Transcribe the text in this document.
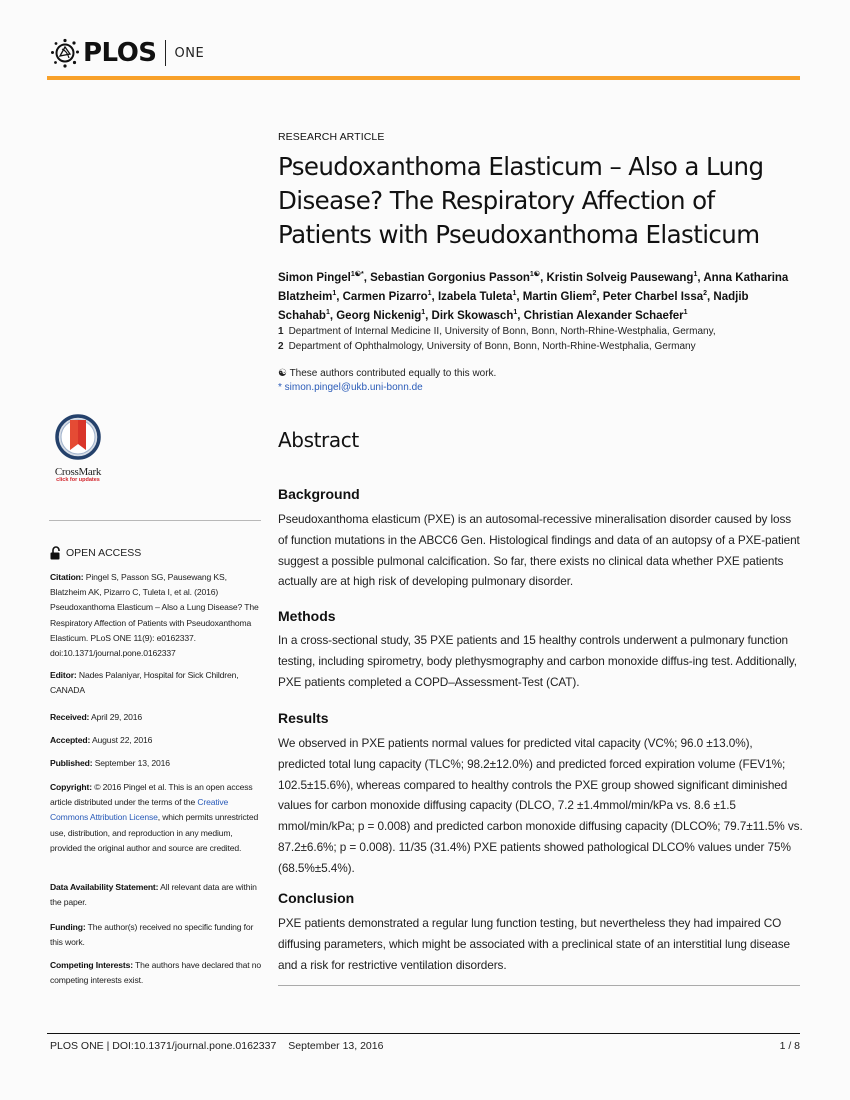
PLOS ONE
RESEARCH ARTICLE
Pseudoxanthoma Elasticum – Also a Lung Disease? The Respiratory Affection of Patients with Pseudoxanthoma Elasticum
Simon Pingel$^{1☯*}$, Sebastian Gorgonius Passon$^{1☯}$, Kristin Solveig Pausewang$^1$, Anna Katharina Blatzheim$^1$, Carmen Pizarro$^1$, Izabela Tuleta$^1$, Martin Gliem$^2$, Peter Charbel Issa$^2$, Nadjib Schahab$^1$, Georg Nickenig$^1$, Dirk Skowasch$^1$, Christian Alexander Schaefer$^1$
1 Department of Internal Medicine II, University of Bonn, Bonn, North-Rhine-Westphalia, Germany,
2 Department of Ophthalmology, University of Bonn, Bonn, North-Rhine-Westphalia, Germany
☯ These authors contributed equally to this work.
* simon.pingel@ukb.uni-bonn.de
CrossMark
click for updates
OPEN ACCESS
Citation: Pingel S, Passon SG, Pausewang KS, Blatzheim AK, Pizarro C, Tuleta I, et al. (2016) Pseudoxanthoma Elasticum – Also a Lung Disease? The Respiratory Affection of Patients with Pseudoxanthoma Elasticum. PLoS ONE 11(9): e0162337. doi:10.1371/journal.pone.0162337
Editor: Nades Palaniyar, Hospital for Sick Children, CANADA
Received: April 29, 2016
Accepted: August 22, 2016
Published: September 13, 2016
Copyright: © 2016 Pingel et al. This is an open access article distributed under the terms of the Creative Commons Attribution License, which permits unrestricted use, distribution, and reproduction in any medium, provided the original author and source are credited.
Data Availability Statement: All relevant data are within the paper.
Funding: The author(s) received no specific funding for this work.
Competing Interests: The authors have declared that no competing interests exist.
Abstract
Background
Pseudoxanthoma elasticum (PXE) is an autosomal-recessive mineralisation disorder caused by loss of function mutations in the ABCC6 Gen. Histological findings and data of an autopsy of a PXE-patient suggest a possible pulmonal calcification. So far, there exists no clinical data whether PXE patients actually are at high risk of developing pulmonary disorder.
Methods
In a cross-sectional study, 35 PXE patients and 15 healthy controls underwent a pulmonary function testing, including spirometry, body plethysmography and carbon monoxide diffus-ing test. Additionally, PXE patients completed a COPD–Assessment-Test (CAT).
Results
We observed in PXE patients normal values for predicted vital capacity (VC%; 96.0 ±13.0%), predicted total lung capacity (TLC%; 98.2±12.0%) and predicted forced expiration volume (FEV1%; 102.5±15.6%), whereas compared to healthy controls the PXE group showed significant diminished values for carbon monoxide diffusing capacity (DLCO, 7.2 ±1.4mmol/min/kPa vs. 8.6 ±1.5 mmol/min/kPa; p = 0.008) and predicted carbon monoxide diffusing capacity (DLCO%; 79.7±11.5% vs. 87.2±6.6%; p = 0.008). 11/35 (31.4%) PXE patients showed pathological DLCO% values under 75% (68.5%±5.4%).
Conclusion
PXE patients demonstrated a regular lung function testing, but nevertheless they had impaired CO diffusing parameters, which might be associated with a preclinical state of an interstitial lung disease and a risk for restrictive ventilation disorders.
PLOS ONE | DOI:10.1371/journal.pone.0162337 September 13, 2016	1 / 8
